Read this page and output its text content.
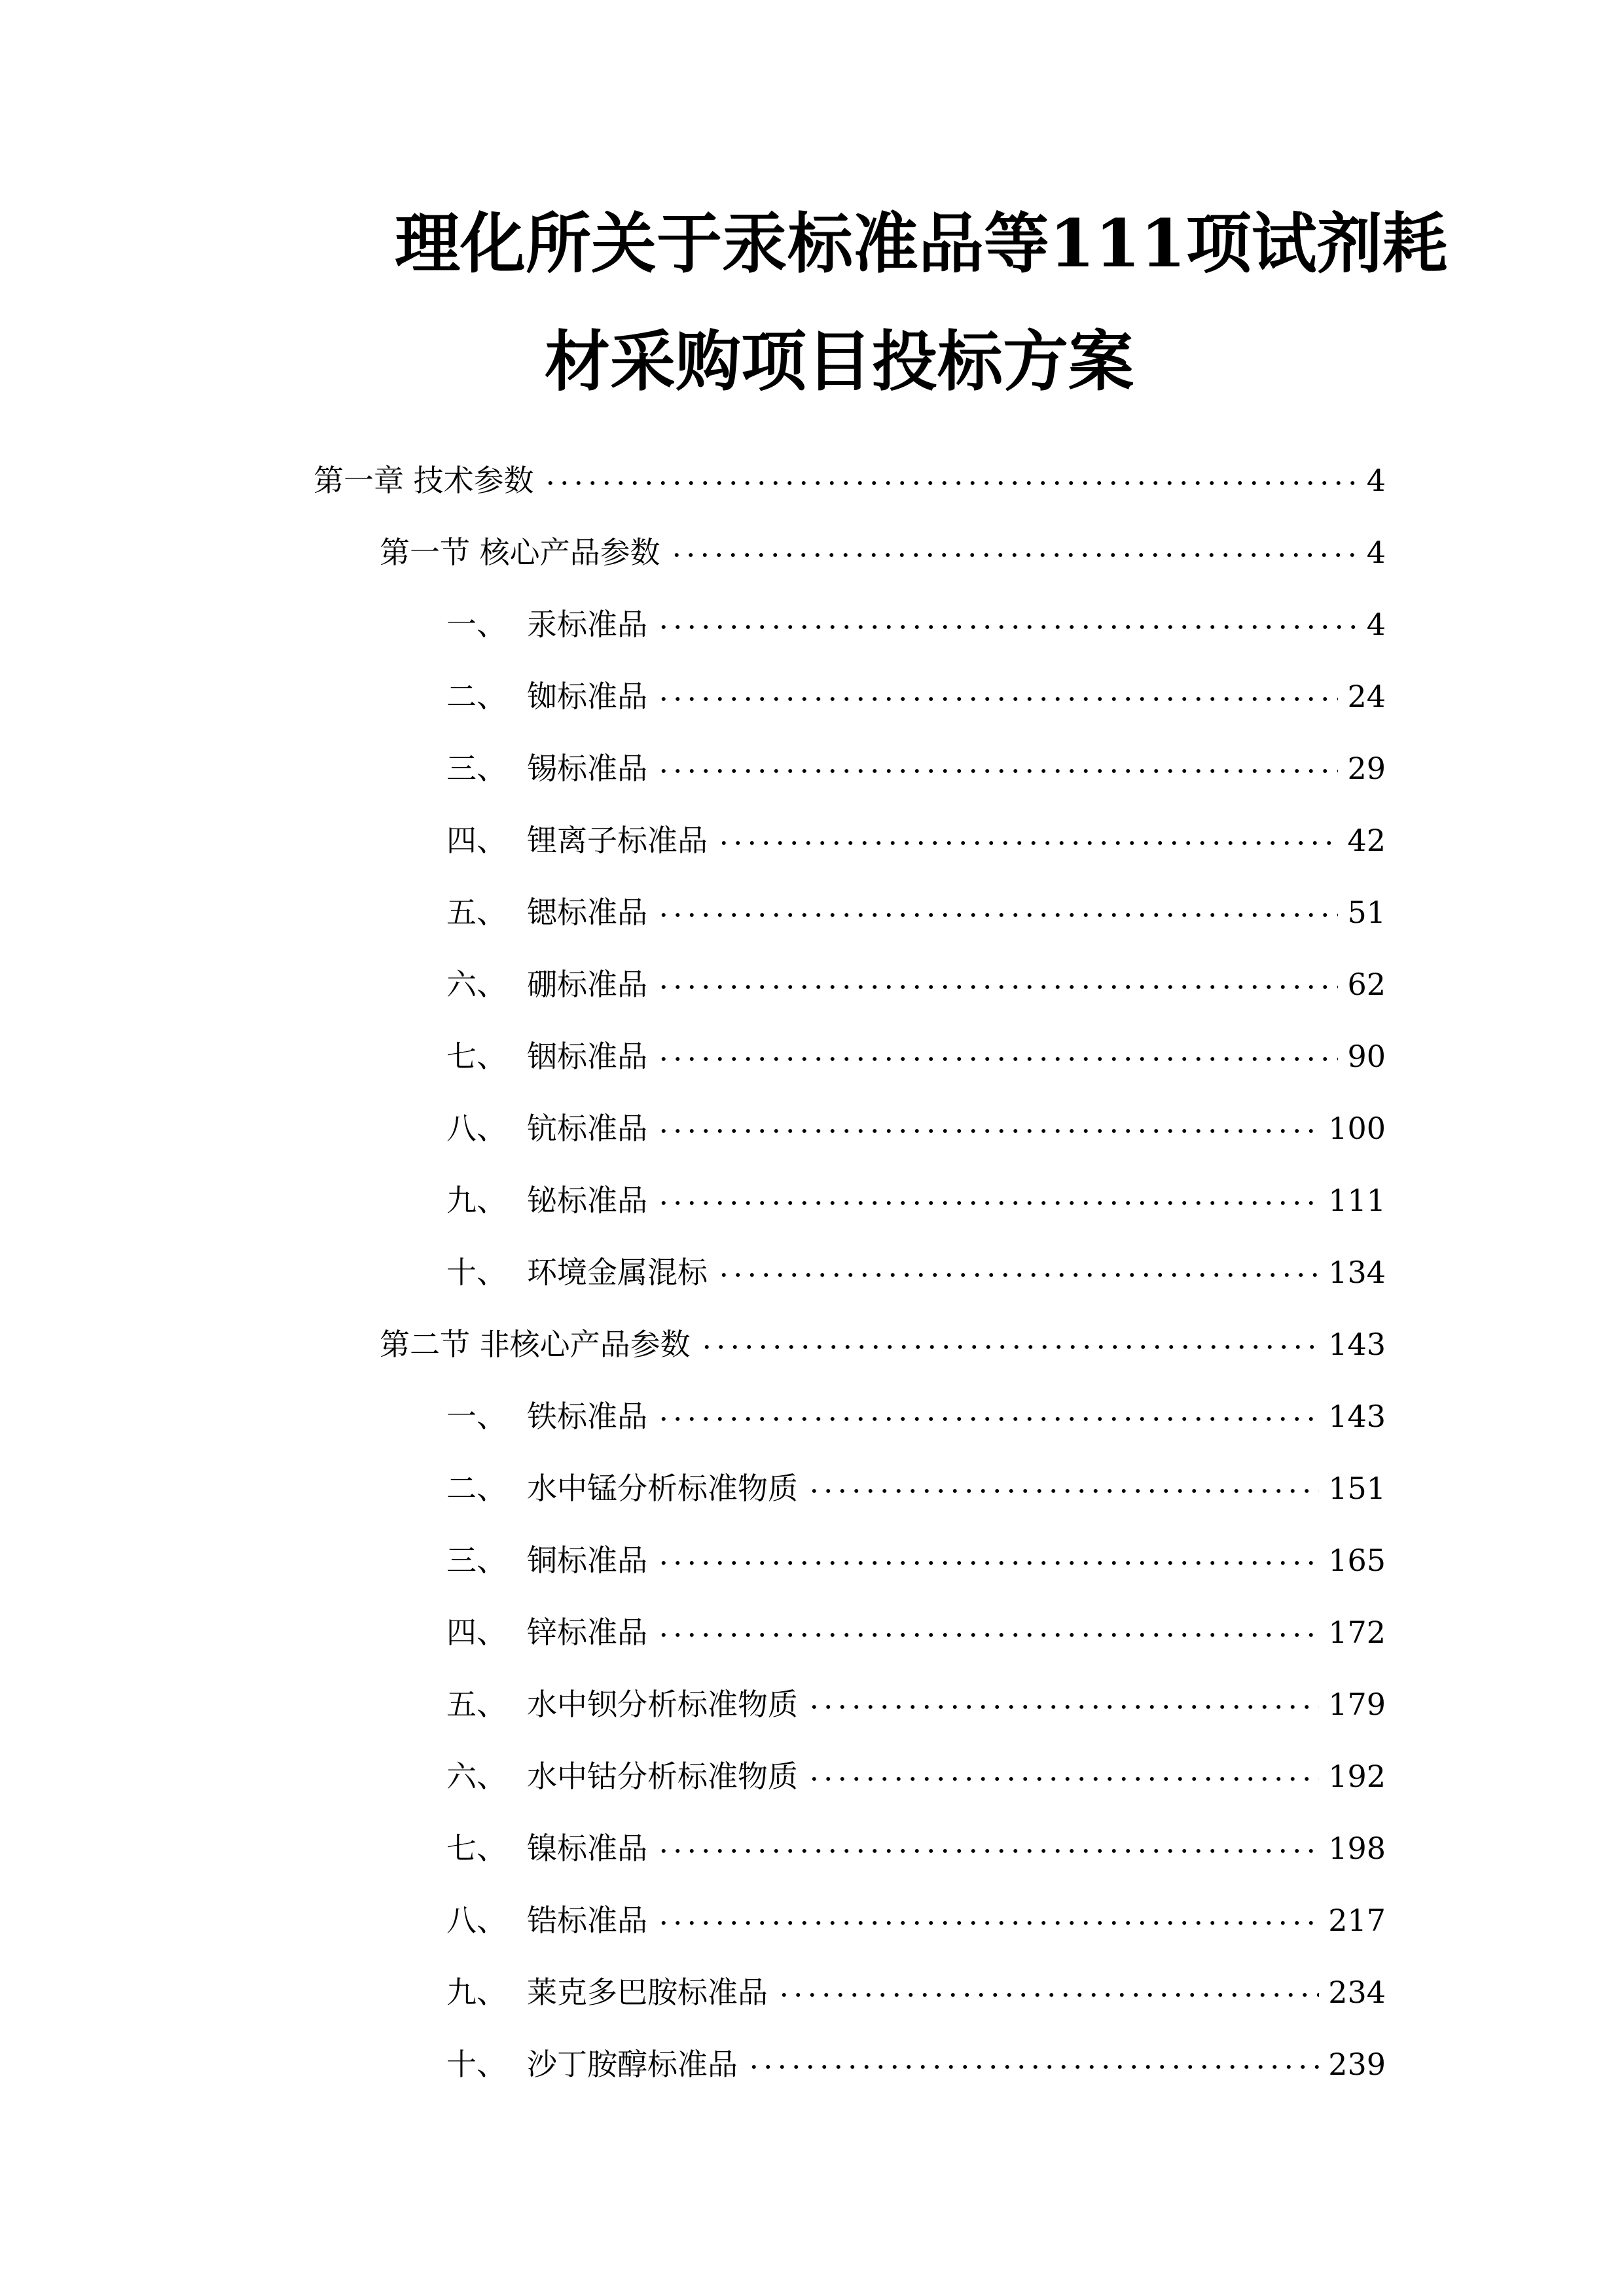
理化所关于汞标准品等111项试剂耗
材采购项目投标方案
第一章 技术参数	4
第一节 核心产品参数	4
一、 汞标准品	4
二、 铷标准品	24
三、 锡标准品	29
四、 锂离子标准品	42
五、 锶标准品	51
六、 硼标准品	62
七、 铟标准品	90
八、 钪标准品	100
九、 铋标准品	111
十、 环境金属混标	134
第二节 非核心产品参数	143
一、 铁标准品	143
二、 水中锰分析标准物质	151
三、 铜标准品	165
四、 锌标准品	172
五、 水中钡分析标准物质	179
六、 水中钴分析标准物质	192
七、 镍标准品	198
八、 锆标准品	217
九、 莱克多巴胺标准品	234
十、 沙丁胺醇标准品	239
